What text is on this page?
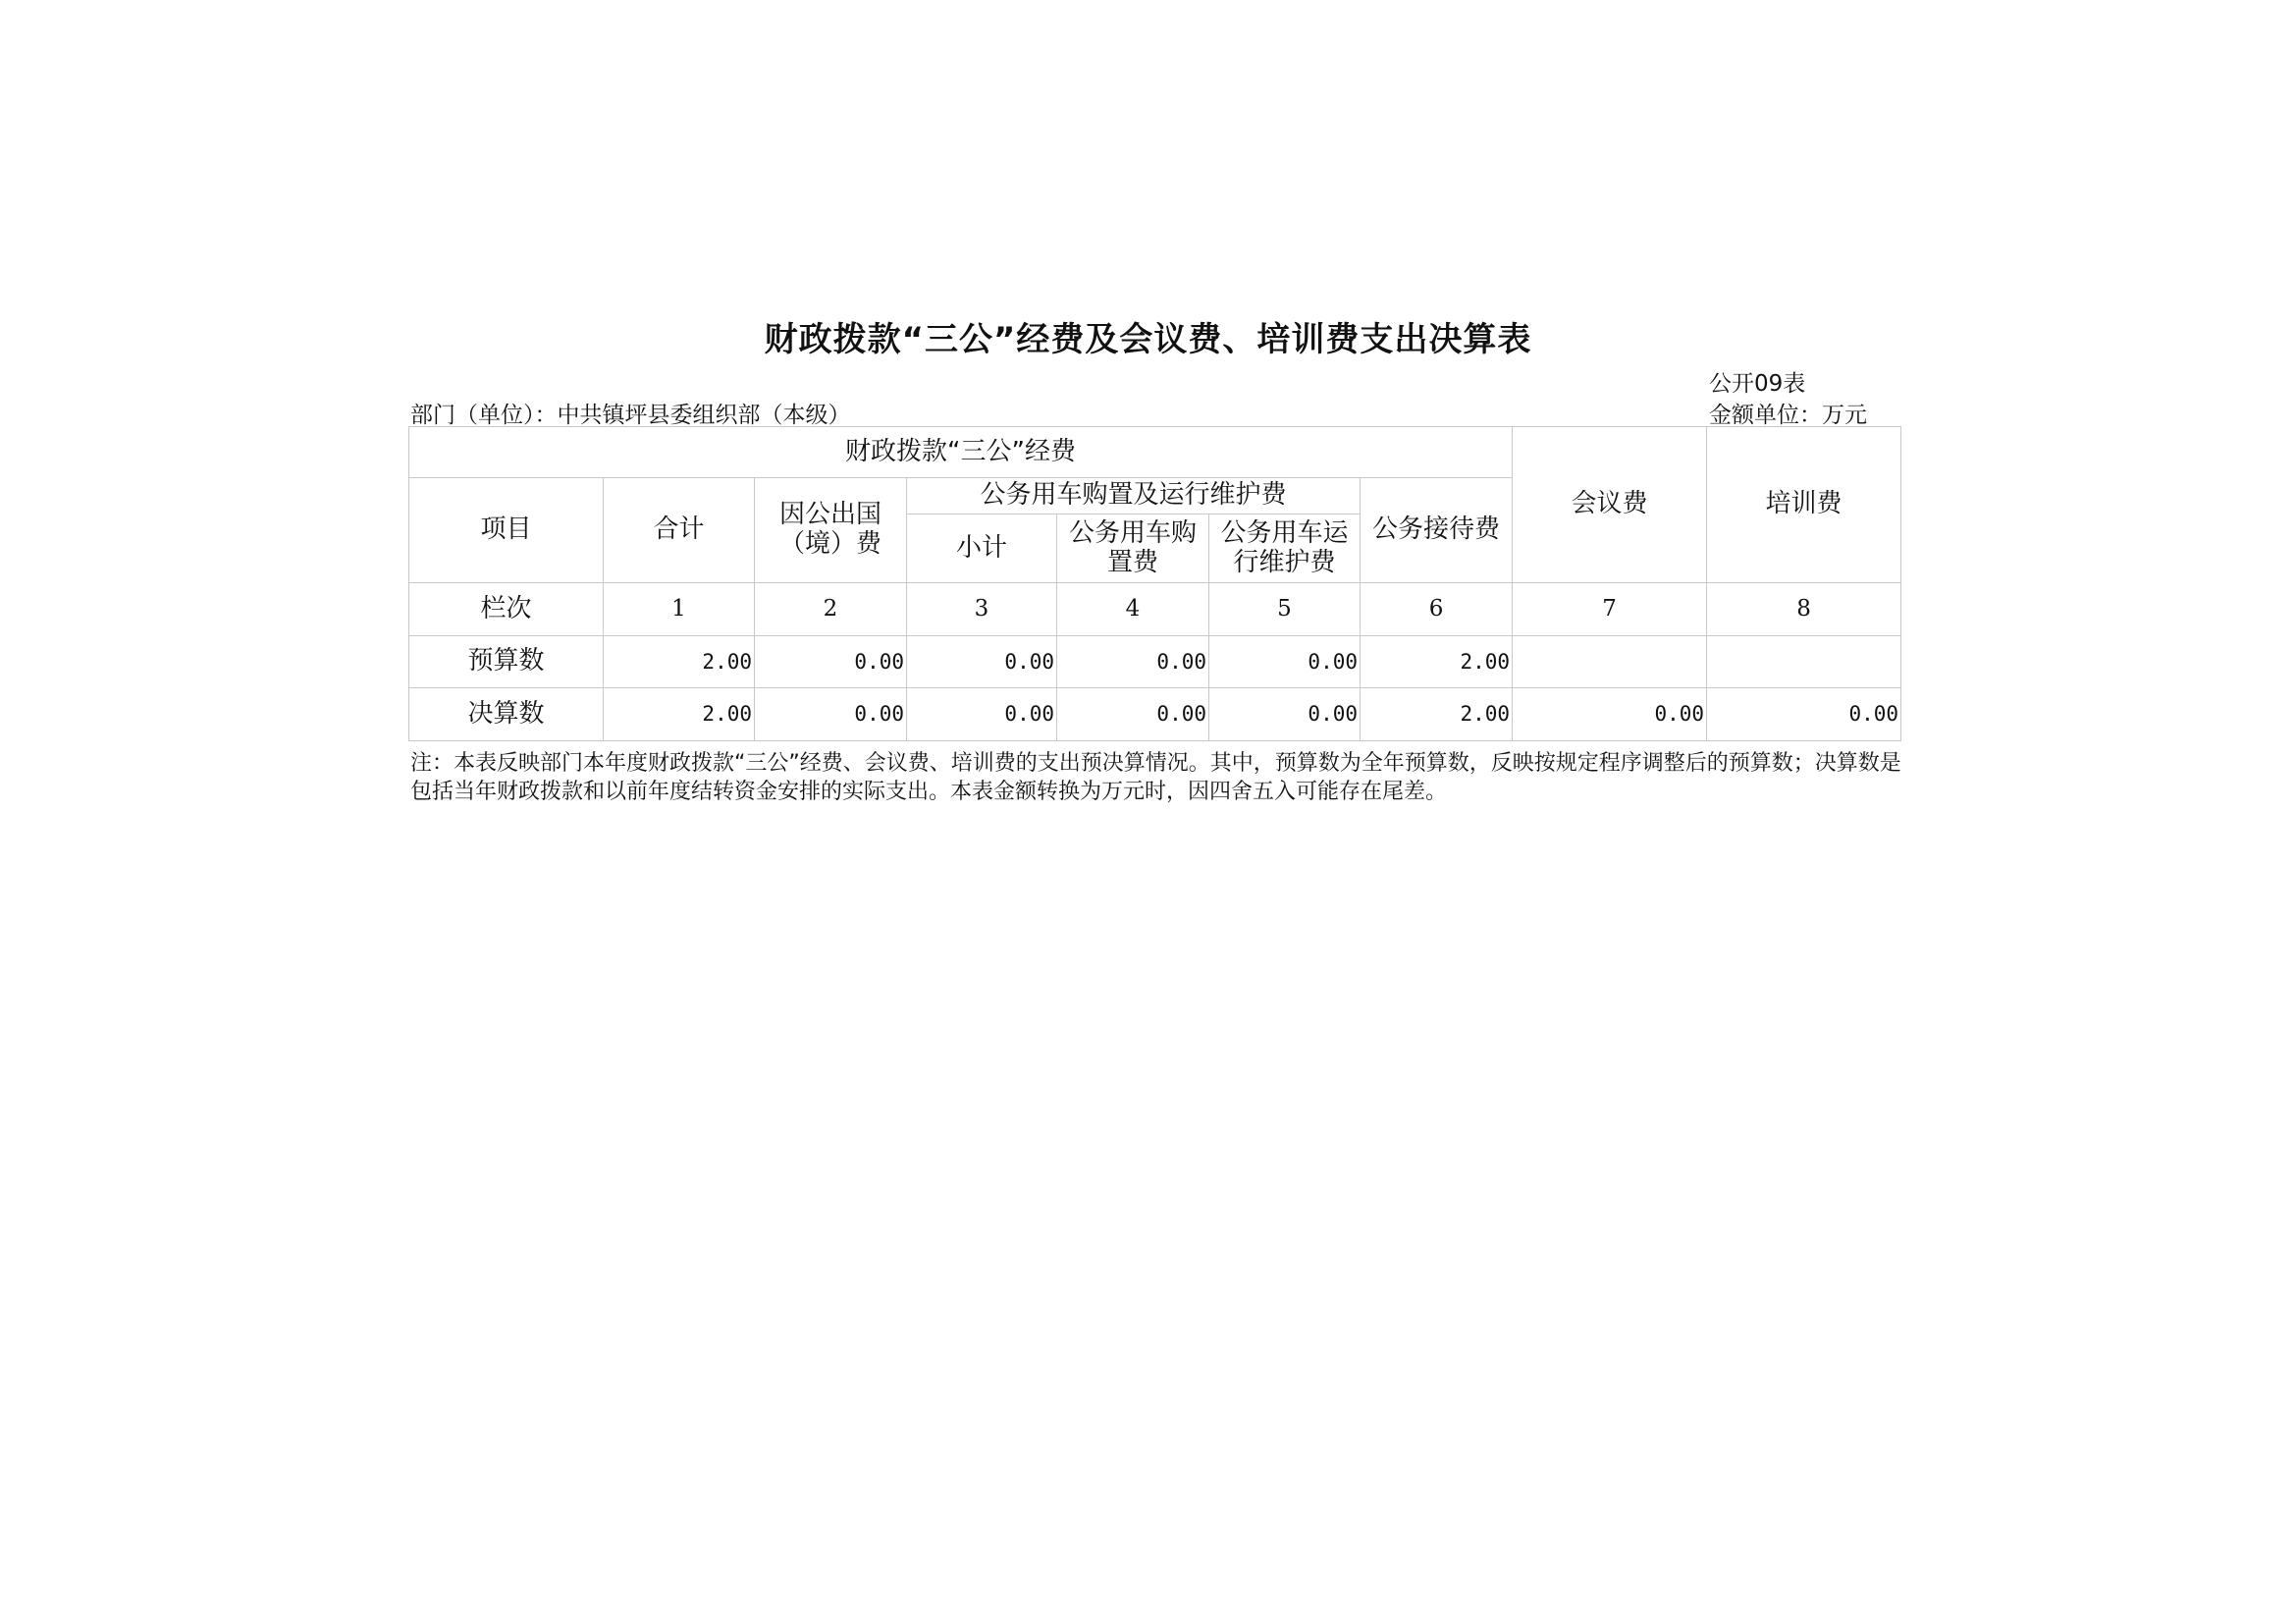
财政拨款“三公”经费及会议费、培训费支出决算表
公开09表
金额单位：万元
部门（单位）：中共镇坪县委组织部（本级）
财政拨款“三公”经费							会议费	培训费
项目	合计	因公出国（境）费	公务用车购置及运行维护费			公务接待费		
			小计	公务用车购置费	公务用车运行维护费			
栏次	1	2	3	4	5	6	7	8
预算数	2.00	0.00	0.00	0.00	0.00	2.00		
决算数	2.00	0.00	0.00	0.00	0.00	2.00	0.00	0.00
注：本表反映部门本年度财政拨款“三公”经费、会议费、培训费的支出预决算情况。其中，预算数为全年预算数，反映按规定程序调整后的预算数；决算数是包括当年财政拨款和以前年度结转资金安排的实际支出。本表金额转换为万元时，因四舍五入可能存在尾差。
